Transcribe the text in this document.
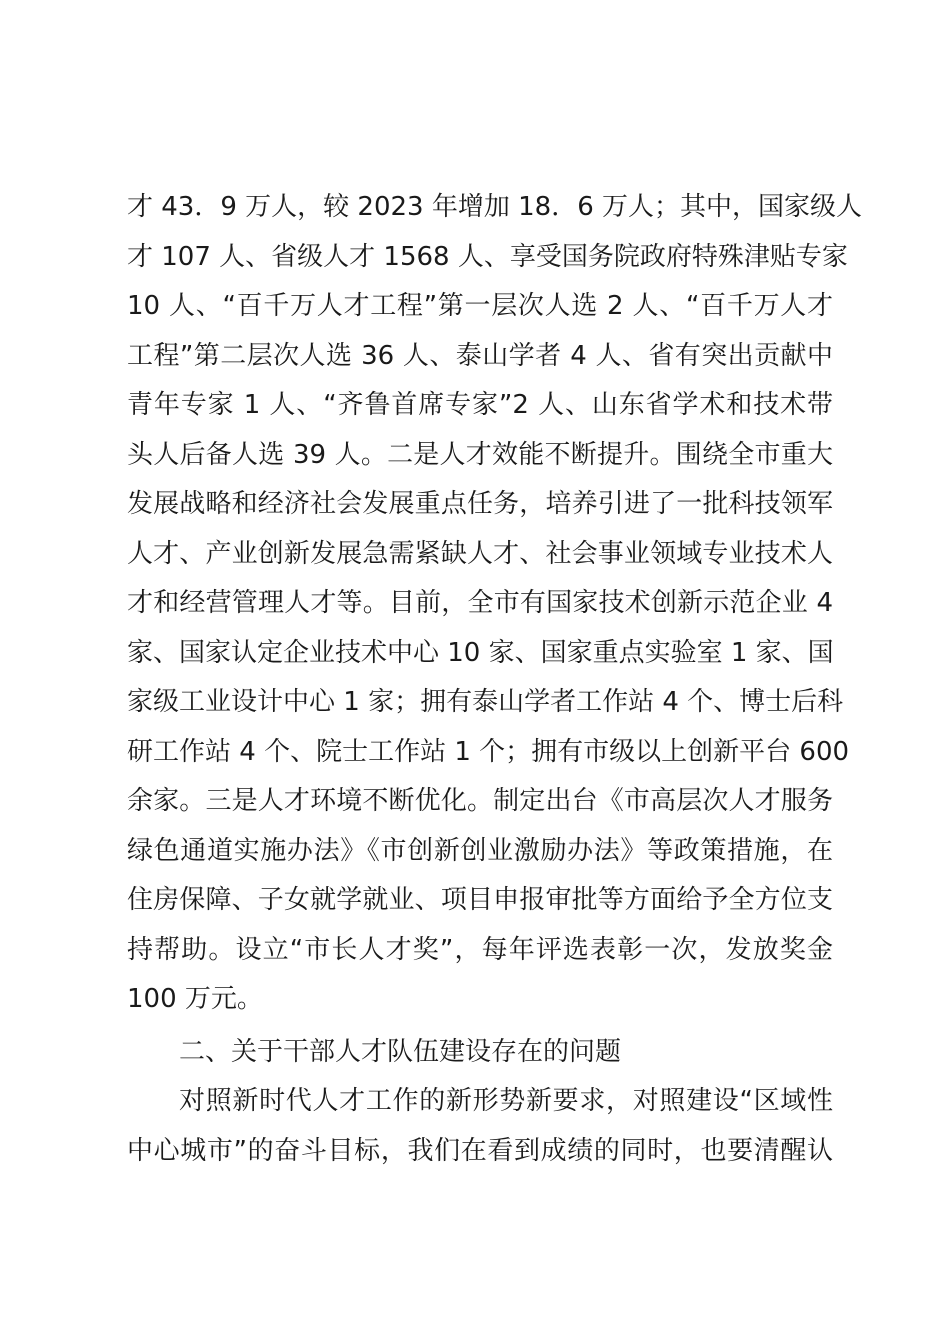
才 43．9 万人，较 2023 年增加 18．6 万人；其中，国家级人
才 107 人、省级人才 1568 人、享受国务院政府特殊津贴专家
10 人、“百千万人才工程”第一层次人选 2 人、“百千万人才
工程”第二层次人选 36 人、泰山学者 4 人、省有突出贡献中
青年专家 1 人、“齐鲁首席专家”2 人、山东省学术和技术带
头人后备人选 39 人。二是人才效能不断提升。围绕全市重大
发展战略和经济社会发展重点任务，培养引进了一批科技领军
人才、产业创新发展急需紧缺人才、社会事业领域专业技术人
才和经营管理人才等。目前，全市有国家技术创新示范企业 4
家、国家认定企业技术中心 10 家、国家重点实验室 1 家、国
家级工业设计中心 1 家；拥有泰山学者工作站 4 个、博士后科
研工作站 4 个、院士工作站 1 个；拥有市级以上创新平台 600
余家。三是人才环境不断优化。制定出台《市高层次人才服务
绿色通道实施办法》《市创新创业激励办法》等政策措施，在
住房保障、子女就学就业、项目申报审批等方面给予全方位支
持帮助。设立“市长人才奖”，每年评选表彰一次，发放奖金
100 万元。
二、关于干部人才队伍建设存在的问题
对照新时代人才工作的新形势新要求，对照建设“区域性
中心城市”的奋斗目标，我们在看到成绩的同时，也要清醒认
